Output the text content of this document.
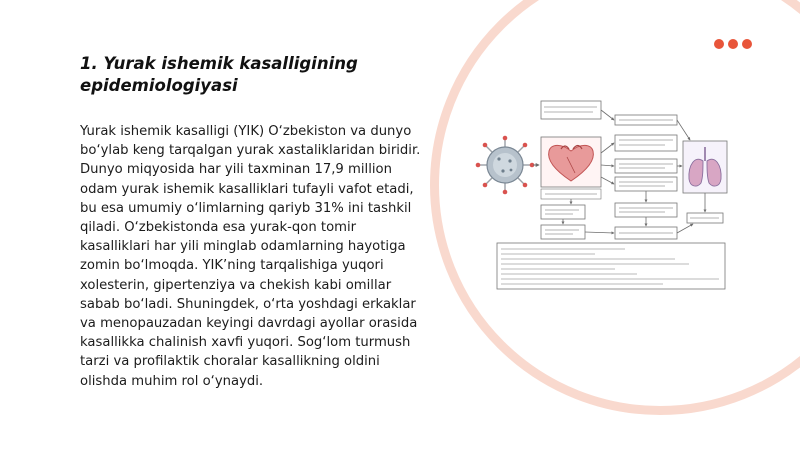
1. Yurak ishemik kasalligining epidemiologiyasi

Yurak ishemik kasalligi (YIK) O‘zbekiston va dunyo bo‘ylab keng tarqalgan yurak xastaliklaridan biridir. Dunyo miqyosida har yili taxminan 17,9 million odam yurak ishemik kasalliklari tufayli vafot etadi, bu esa umumiy o‘limlarning qariyb 31% ini tashkil qiladi. O‘zbekistonda esa yurak-qon tomir kasalliklari har yili minglab odamlarning hayotiga zomin bo‘lmoqda. YIK’ning tarqalishiga yuqori xolesterin, gipertenziya va chekish kabi omillar sabab bo‘ladi. Shuningdek, o‘rta yoshdagi erkaklar va menopauzadan keyingi davrdagi ayollar orasida kasallikka chalinish xavfi yuqori. Sog‘lom turmush tarzi va profilaktik choralar kasallikning oldini olishda muhim rol o‘ynaydi.
